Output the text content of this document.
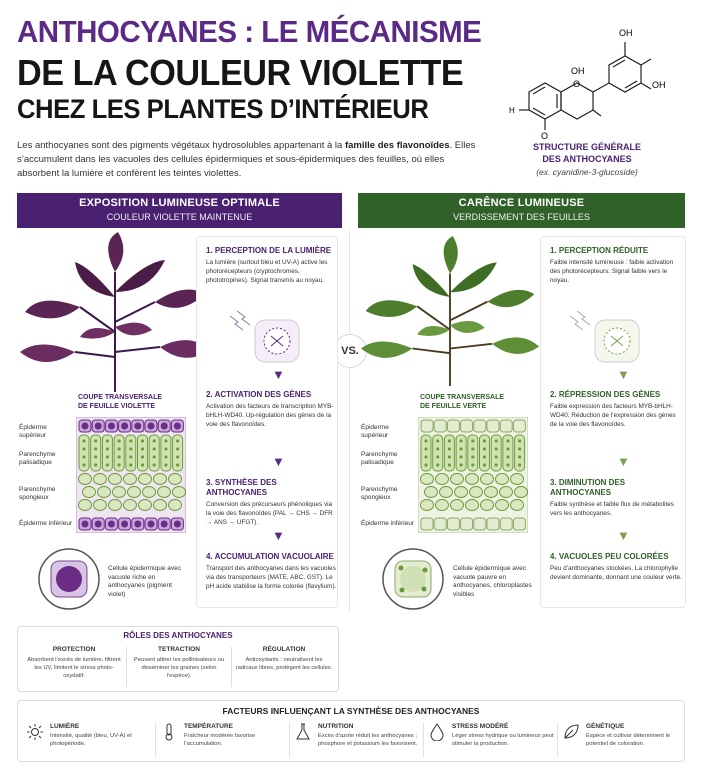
ANTHOCYANES : LE MÉCANISME
DE LA COULEUR VIOLETTE
CHEZ LES PLANTES D’INTÉRIEUR
Les anthocyanes sont des pigments végétaux hydrosolubles appartenant à la famille des flavonoïdes. Elles s’accumulent dans les vacuoles des cellules épidermiques et sous-épidermiques des feuilles, où elles absorbent la lumière et confèrent les teintes violettes.
OH
OH
OH
O
O
H
STRUCTURE GÉNÉRALE
DES ANTHOCYANES
(ex. cyanidine-3-glucoside)
EXPOSITION LUMINEUSE OPTIMALE
COULEUR VIOLETTE MAINTENUE
CARÊNCE LUMINEUSE
VERDISSEMENT DES FEUILLES
VS.
COUPE TRANSVERSALE DE FEUILLE VIOLETTE
COUPE TRANSVERSALE DE FEUILLE VERTE
Épiderme supérieur
Parenchyme palisadique
Parenchyme spongieux
Épiderme inférieur
Épiderme supérieur
Parenchyme palisadique
Parenchyme spongieux
Épiderme inférieur
Cellule épidermique avec vacuole riche en anthocyanes (pigment violet)
Cellule épidermique avec vacuole pauvre en anthocyanes, chloroplastes visibles
1. PERCEPTION DE LA LUMIÈRE
La lumière (surtout bleu et UV-A) active les photorécepteurs (cryptochromes, phototropines). Signal transmis au noyau.
▼
2. ACTIVATION DES GÈNES
Activation des facteurs de transcription MYB-bHLH-WD40. Up-régulation des gènes de la voie des flavonoïdes.
▼
3. SYNTHÈSE DES ANTHOCYANES
Conversion des précurseurs phénoliques via la voie des flavonoïdes (PAL → CHS → DFR → ANS → UFGT).
▼
4. ACCUMULATION VACUOLAIRE
Transport des anthocyanes dans les vacuoles via des transporteurs (MATE, ABC, GST). Le pH acide stabilise la forme colorée (flavylium).
1. PERCEPTION RÉDUITE
Faible intensité lumineuse : faible activation des photorécepteurs. Signal faible vers le noyau.
▼
2. RÉPRESSION DES GÈNES
Faible expression des facteurs MYB-bHLH-WD40. Réduction de l’expression des gènes de la voie des flavonoïdes.
▼
3. DIMINUTION DES ANTHOCYANES
Faible synthèse et faible flux de métabolites vers les anthocyanes.
▼
4. VACUOLES PEU COLORÉES
Peu d’anthocyanes stockées. La chlorophylle devient dominante, donnant une couleur verte.
RÔLES DES ANTHOCYANES
PROTECTION
Absorbent l’excès de lumière, filtrent les UV, limitent le stress photo-oxydatif.
TETRACTION
Peuvent attirer les pollinisateurs ou disséminer les graines (selon l’espèce).
RÉGULATION
Antioxydants : neutralisent les radicaux libres, protègent les cellules.
FACTEURS INFLUENÇANT LA SYNTHÈSE DES ANTHOCYANES
LUMIÈRE
Intensité, qualité (bleu, UV-A) et photopériode.
TEMPÉRATURE
Fraîcheur modérée favorise l’accumulation.
NUTRITION
Excès d’azote réduit les anthocyanes ; phosphore et potassium les favorisent.
STRESS MODÉRÉ
Léger stress hydrique ou lumineux peut stimuler la production.
GÉNÉTIQUE
Espèce et cultivar déterminent le potentiel de coloration.
